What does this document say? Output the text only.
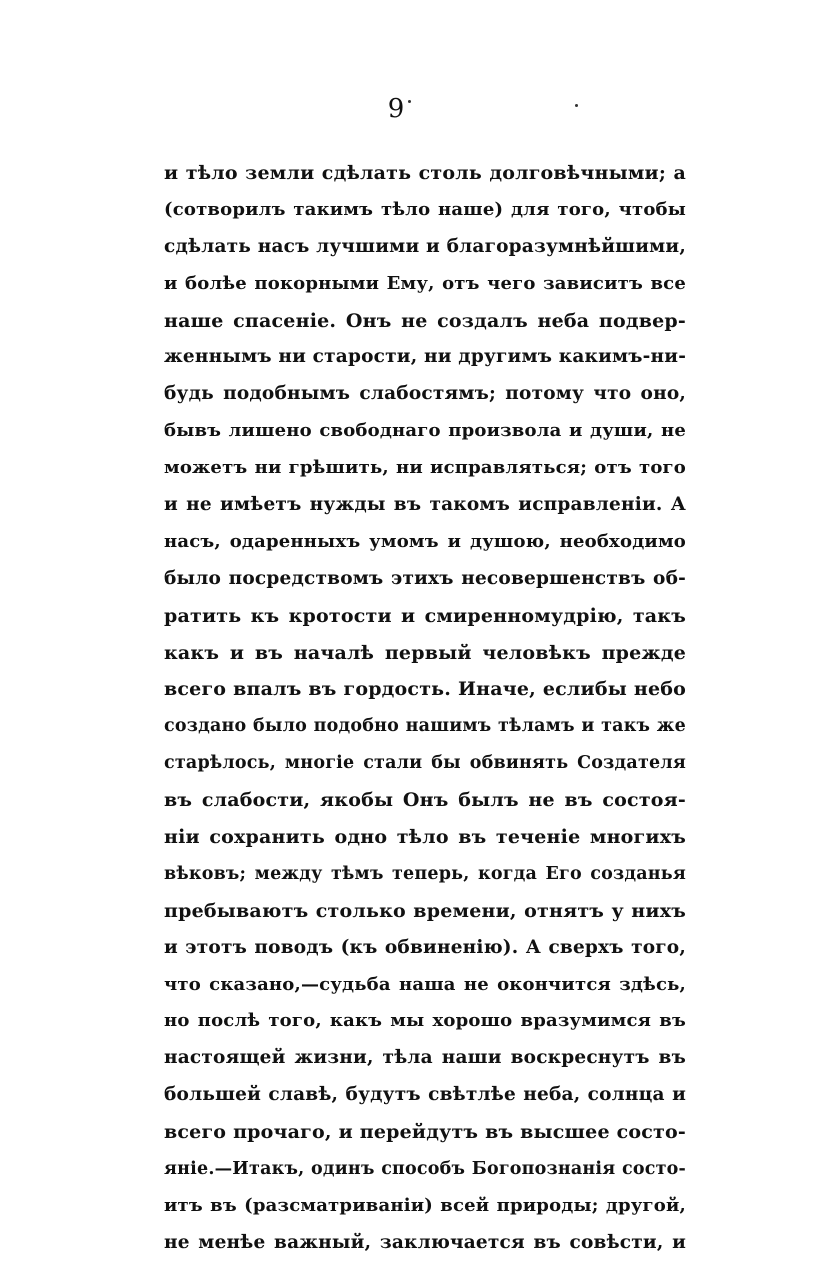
9
и тѣло земли сдѣлать столь долговѣчными; а
(сотворилъ такимъ тѣло наше) для того, чтобы
сдѣлать насъ лучшими и благоразумнѣйшими,
и болѣе покорными Ему, отъ чего зависитъ все
наше спасеніе. Онъ не создалъ неба подвер-
женнымъ ни старости, ни другимъ какимъ-ни-
будь подобнымъ слабостямъ; потому что оно,
бывъ лишено свободнаго произвола и души, не
можетъ ни грѣшить, ни исправляться; отъ того
и не имѣетъ нужды въ такомъ исправленіи. А
насъ, одаренныхъ умомъ и душою, необходимо
было посредствомъ этихъ несовершенствъ об-
ратить къ кротости и смиренномудрію, такъ
какъ и въ началѣ первый человѣкъ прежде
всего впалъ въ гордость. Иначе, еслибы небо
создано было подобно нашимъ тѣламъ и такъ же
старѣлось, многіе стали бы обвинять Создателя
въ слабости, якобы Онъ былъ не въ состоя-
ніи сохранить одно тѣло въ теченіе многихъ
вѣковъ; между тѣмъ теперь, когда Его созданья
пребываютъ столько времени, отнятъ у нихъ
и этотъ поводъ (къ обвиненію). А сверхъ того,
что сказано,—судьба наша не окончится здѣсь,
но послѣ того, какъ мы хорошо вразумимся въ
настоящей жизни, тѣла наши воскреснутъ въ
большей славѣ, будутъ свѣтлѣе неба, солнца и
всего прочаго, и перейдутъ въ высшее состо-
яніе.—Итакъ, одинъ способъ Богопознанія состо-
итъ въ (разсматриваніи) всей природы; другой,
не менѣе важный, заключается въ совѣсти, и
